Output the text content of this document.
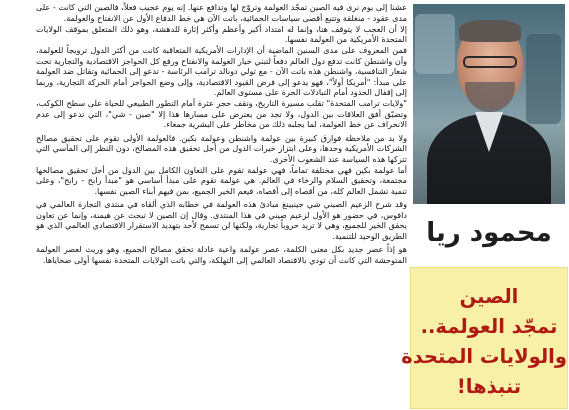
عشنا إلى يوم نرى فيه الصين تمجّد العولمة وتروّج لها وتدافع عنها. إنه يوم عجيب فعلاً، فالصين التي كانت - على مدى عقود - منغلقة وتتبع أقصى سياسات الحمائية، باتت الآن هي خط الدفاع الأول عن الانفتاح والعولمة.

إلا أن العجب لا يتوقف هنا، وإنما له امتداد أكبر وأعظم وأكثر إثارة للدهشة، وهو ذلك المتعلق بموقف الولايات المتحدة الأمريكية من العولمة نفسها.

فمن المعروف على مدى السنين الماضية أن الإدارات الأمريكية المتعاقبة كانت من أكثر الدول ترويجاً للعولمة، وأن واشنطن كانت تدفع دول العالم دفعاً لتبني خيار العولمة والانفتاح ورفع كل الحواجز الاقتصادية والتجارية تحت شعار التنافسية، واشنطن هذه باتت الآن - مع تولي دونالد ترامب الرئاسة - تدعو إلى الحمائية وتقاتل ضد العولمة على مبدأ: "أمريكا أولاً"، فهو يدعو إلى فرض القيود الاقتصادية، وإلى وضع الحواجز أمام الحركة التجارية، وربما إلى إقفال الحدود أمام التبادلات الحرة على مستوى العالم.

"ولايات ترامب المتحدة" تقلب مسيرة التاريخ، وتقف حجر عثرة أمام التطور الطبيعي للحياة على سطح الكوكب، وتضيّق أفق العلاقات بين الدول، ولا تجد من يعترض على مسارها هذا إلا "صين - شي"، التي تدعو إلى عدم الانحراف عن خط العولمة، لما يجلبه ذلك من مخاطر على البشرية جمعاء.

ولا بد من ملاحظة فوارق كبيرة بين عولمة واشنطن وعولمة بكين. فالعولمة الأولى تقوم على تحقيق مصالح الشركات الأمريكية وحدها، وعلى ابتزاز خيرات الدول من أجل تحقيق هذه المصالح، دون النظر إلى المآسي التي تتركها هذه السياسة عند الشعوب الأخرى.

أما عولمة بكين فهي مختلفة تماماً، فهي عولمة تقوم على التعاون الكامل بين الدول من أجل تحقيق مصالحها مجتمعة، وتحقيق السلام والرخاء في العالم. هي عولمة تقوم على مبدأ أساسي هو "مبدأ رابح - رابح"، وعلى تنمية تشمل العالم كله، من أقصاه إلى أقصاه، فيعم الخير الجميع، بمن فيهم أبناء الصين نفسها.

وقد شرح الزعيم الصيني شي جينبينغ مبادئ هذه العولمة في خطابه الذي ألقاه في منتدى التجارة العالمي في دافوس، في حضور هو الأول لزعيم صيني في هذا المنتدى. وقال إن الصين لا تبحث عن هيمنة، وإنما عن تعاون يحقق الخير للجميع، وهي لا تريد حروباً تجارية، ولكنها لن تسمح لأحد بتهديد الاستقرار الاقتصادي العالمي الذي هو الطريق الوحيد للتنمية.

هو إذاً عصر جديد بكل معنى الكلمة، عصر عولمة واعية عادلة تحقق مصالح الجميع، وهو وريث لعصر العولمة المتوحشة التي كانت أن تودي بالاقتصاد العالمي إلى التهلكة، والتي باتت الولايات المتحدة نفسها أولى ضحاياها.

محمود ريا
الصين
تمجّد العولمة..
والولايات المتحدة
تنبذها!
